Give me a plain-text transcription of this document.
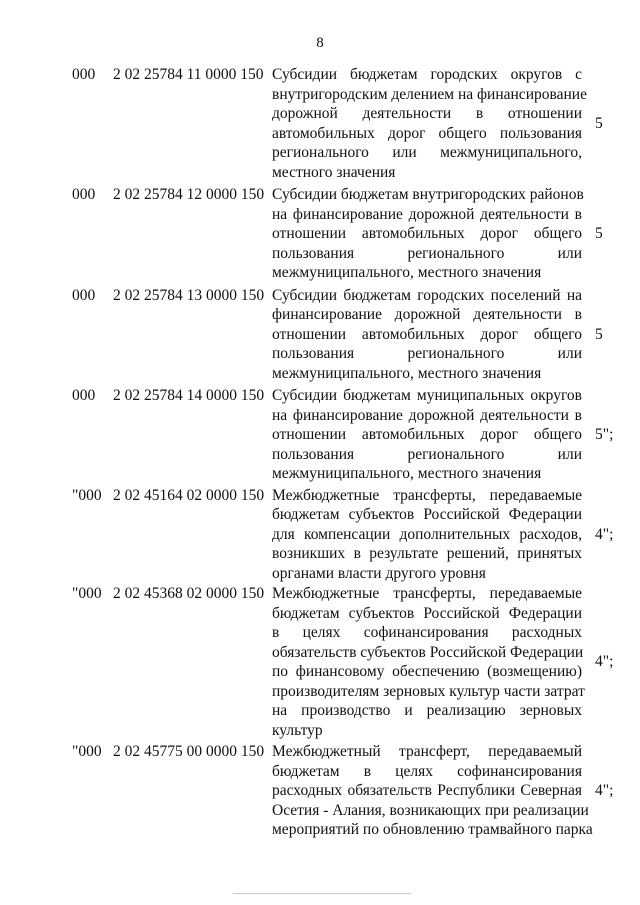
8
000 2 02 25784 11 0000 150 Субсидии бюджетам городских округов с
внутригородским делением на финансирование
дорожной деятельности в отношении
автомобильных дорог общего пользования
регионального или межмуниципального,
местного значения
5
000 2 02 25784 12 0000 150 Субсидии бюджетам внутригородских районов
на финансирование дорожной деятельности в
отношении автомобильных дорог общего
пользования регионального или
межмуниципального, местного значения
5
000 2 02 25784 13 0000 150 Субсидии бюджетам городских поселений на
финансирование дорожной деятельности в
отношении автомобильных дорог общего
пользования регионального или
межмуниципального, местного значения
5
000 2 02 25784 14 0000 150 Субсидии бюджетам муниципальных округов
на финансирование дорожной деятельности в
отношении автомобильных дорог общего
пользования регионального или
межмуниципального, местного значения
5";
"000 2 02 45164 02 0000 150 Межбюджетные трансферты, передаваемые
бюджетам субъектов Российской Федерации
для компенсации дополнительных расходов,
возникших в результате решений, принятых
органами власти другого уровня
4";
"000 2 02 45368 02 0000 150 Межбюджетные трансферты, передаваемые
бюджетам субъектов Российской Федерации
в целях софинансирования расходных
обязательств субъектов Российской Федерации
по финансовому обеспечению (возмещению)
производителям зерновых культур части затрат
на производство и реализацию зерновых
культур
4";
"000 2 02 45775 00 0000 150 Межбюджетный трансферт, передаваемый
бюджетам в целях софинансирования
расходных обязательств Республики Северная
Осетия - Алания, возникающих при реализации
мероприятий по обновлению трамвайного парка
4";
